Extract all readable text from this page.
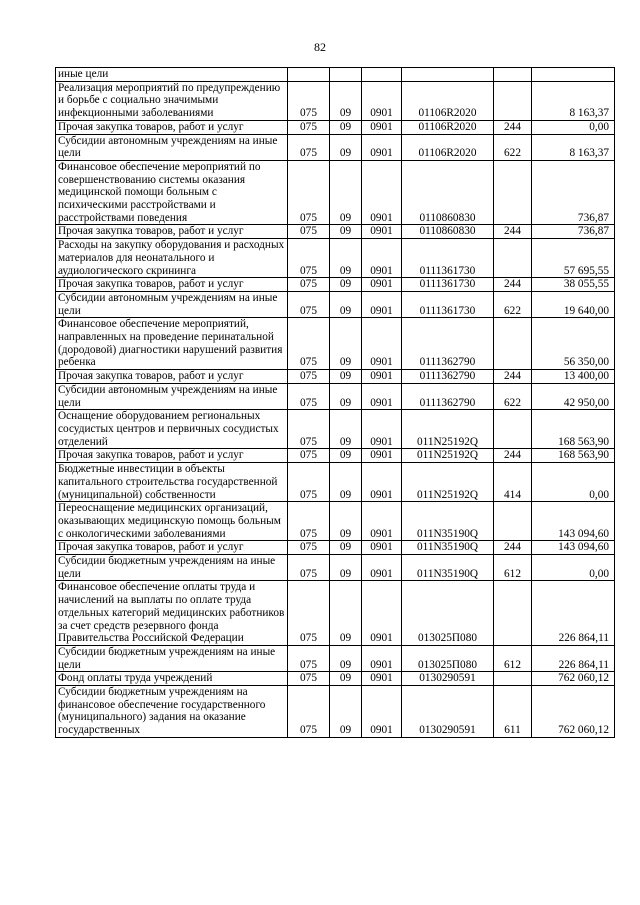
82
иные цели						
Реализация мероприятий по предупреждению и борьбе с социально значимыми инфекционными заболеваниями	075	09	0901	01106R2020		8 163,37
Прочая закупка товаров, работ и услуг	075	09	0901	01106R2020	244	0,00
Субсидии автономным учреждениям на иные цели	075	09	0901	01106R2020	622	8 163,37
Финансовое обеспечение мероприятий по совершенствованию системы оказания медицинской помощи больным с психическими расстройствами и расстройствами поведения	075	09	0901	0110860830		736,87
Прочая закупка товаров, работ и услуг	075	09	0901	0110860830	244	736,87
Расходы на закупку оборудования и расходных материалов для неонатального и аудиологического скрининга	075	09	0901	0111361730		57 695,55
Прочая закупка товаров, работ и услуг	075	09	0901	0111361730	244	38 055,55
Субсидии автономным учреждениям на иные цели	075	09	0901	0111361730	622	19 640,00
Финансовое обеспечение мероприятий, направленных на проведение перинатальной (дородовой) диагностики нарушений развития ребенка	075	09	0901	0111362790		56 350,00
Прочая закупка товаров, работ и услуг	075	09	0901	0111362790	244	13 400,00
Субсидии автономным учреждениям на иные цели	075	09	0901	0111362790	622	42 950,00
Оснащение оборудованием региональных сосудистых центров и первичных сосудистых отделений	075	09	0901	011N25192Q		168 563,90
Прочая закупка товаров, работ и услуг	075	09	0901	011N25192Q	244	168 563,90
Бюджетные инвестиции в объекты капитального строительства государственной (муниципальной) собственности	075	09	0901	011N25192Q	414	0,00
Переоснащение медицинских организаций, оказывающих медицинскую помощь больным с онкологическими заболеваниями	075	09	0901	011N35190Q		143 094,60
Прочая закупка товаров, работ и услуг	075	09	0901	011N35190Q	244	143 094,60
Субсидии бюджетным учреждениям на иные цели	075	09	0901	011N35190Q	612	0,00
Финансовое обеспечение оплаты труда и начислений на выплаты по оплате труда отдельных категорий медицинских работников за счет средств резервного фонда Правительства Российской Федерации	075	09	0901	013025П080		226 864,11
Субсидии бюджетным учреждениям на иные цели	075	09	0901	013025П080	612	226 864,11
Фонд оплаты труда учреждений	075	09	0901	0130290591		762 060,12
Субсидии бюджетным учреждениям на финансовое обеспечение государственного (муниципального) задания на оказание государственных	075	09	0901	0130290591	611	762 060,12
